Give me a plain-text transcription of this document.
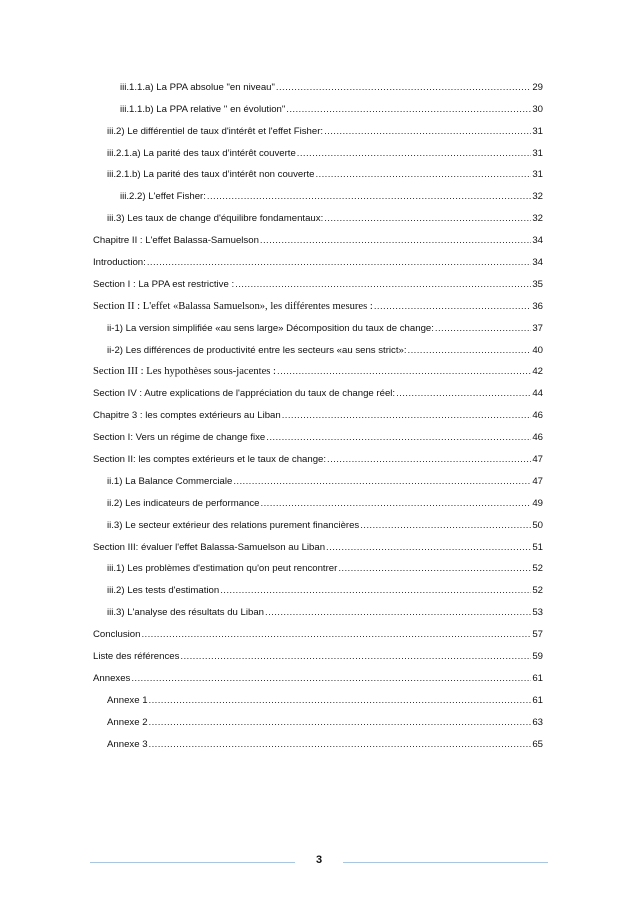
iii.1.1.a) La PPA absolue "en niveau" .....	29
iii.1.1.b) La PPA relative '' en évolution" .....	30
iii.2) Le différentiel de taux d'intérêt et l'effet Fisher: .....	31
iii.2.1.a) La parité des taux d’intérêt couverte .....	31
iii.2.1.b) La parité des taux d’intérêt non couverte .....	31
iii.2.2) L'effet Fisher: .....	32
iii.3) Les taux de change d'équilibre fondamentaux: .....	32
Chapitre II : L'effet Balassa-Samuelson .....	34
Introduction: .....	34
Section I : La PPA est restrictive : .....	35
Section II : L'effet «Balassa Samuelson», les différentes mesures : .....	36
ii-1) La version simplifiée «au sens large» Décomposition du taux de change: .....	37
ii-2) Les différences de productivité entre les secteurs «au sens strict»: .....	40
Section III : Les hypothèses sous-jacentes : .....	42
Section IV : Autre explications de l'appréciation du taux de change réel: .....	44
Chapitre 3 : les comptes extérieurs au Liban .....	46
Section I: Vers un régime de change fixe .....	46
Section II: les comptes extérieurs et le taux de change: .....	47
ii.1) La Balance Commerciale .....	47
ii.2) Les indicateurs de performance .....	49
ii.3) Le secteur extérieur des relations purement financières .....	50
Section III: évaluer l'effet Balassa-Samuelson au Liban .....	51
iii.1) Les problèmes d'estimation qu'on peut rencontrer .....	52
iii.2) Les tests d'estimation .....	52
iii.3) L'analyse des résultats du Liban .....	53
Conclusion .....	57
Liste des références .....	59
Annexes .....	61
Annexe 1 .....	61
Annexe 2 .....	63
Annexe 3 .....	65
3
